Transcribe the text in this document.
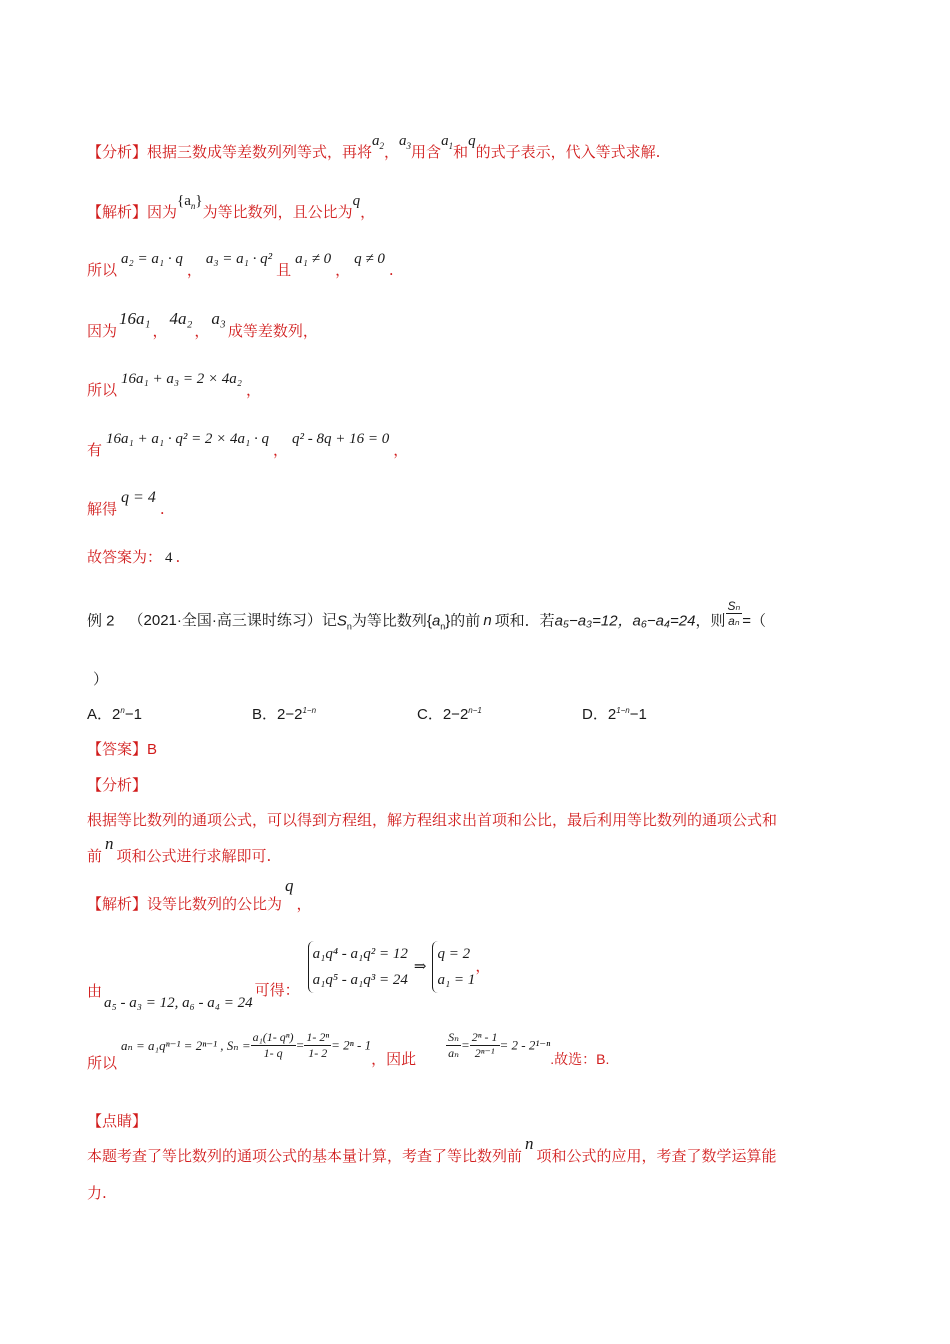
【分析】根据三数成等差数列列等式，再将$a_2$，$a_3$用含$a_1$和q的式子表示，代入等式求解.
【解析】因为$\{a_n\}$为等比数列，且公比为q，
所以a₂ = a₁ · q，a₃ = a₁ · q²且a₁ ≠ 0，q ≠ 0.
因为16a₁，4a₂，a₃成等差数列，
所以16a₁ + a₃ = 2 × 4a₂，
有16a₁ + a₁ · q² = 2 × 4a₁ · q，q² - 8q + 16 = 0，
解得q = 4.
故答案为： 4 .
例 2 （2021·全国·高三课时练习）记$S_n$为等比数列$\{a_n\}$的前 n 项和．若a₅−a₃=12，a₆−a₄=24，则 $\frac{\text{Sₙ}}{\text{aₙ}}$ =（
）
A．$2^n-1$	B．$2-2^{1-n}$	C．$2-2^{n-1}$	D．$2^{1-n}-1$
【答案】B
【分析】
根据等比数列的通项公式，可以得到方程组，解方程组求出首项和公比，最后利用等比数列的通项公式和
前n项和公式进行求解即可.
【解析】设等比数列的公比为q，
由a₅ - a₃ = 12, a₆ - a₄ = 24可得：
a₁q⁴ - a₁q² = 12
a₁q⁵ - a₁q³ = 24
⇒
q = 2
a₁ = 1
，
所以aₙ = a₁qⁿ⁻¹ = 2ⁿ⁻¹ , $S_n = \frac{\text{a₁(1- qⁿ)}}{1- q} = \frac{\text{1- 2ⁿ}}{1- 2} = 2^n - 1$，因此	$\frac{\text{Sₙ}}{\text{aₙ}} = \frac{\text{2ⁿ - 1}}{\text{2ⁿ⁻¹}} = 2 - 2^{1-n}$.故选：B.
【点睛】
本题考查了等比数列的通项公式的基本量计算，考查了等比数列前n项和公式的应用，考查了数学运算能
力.
